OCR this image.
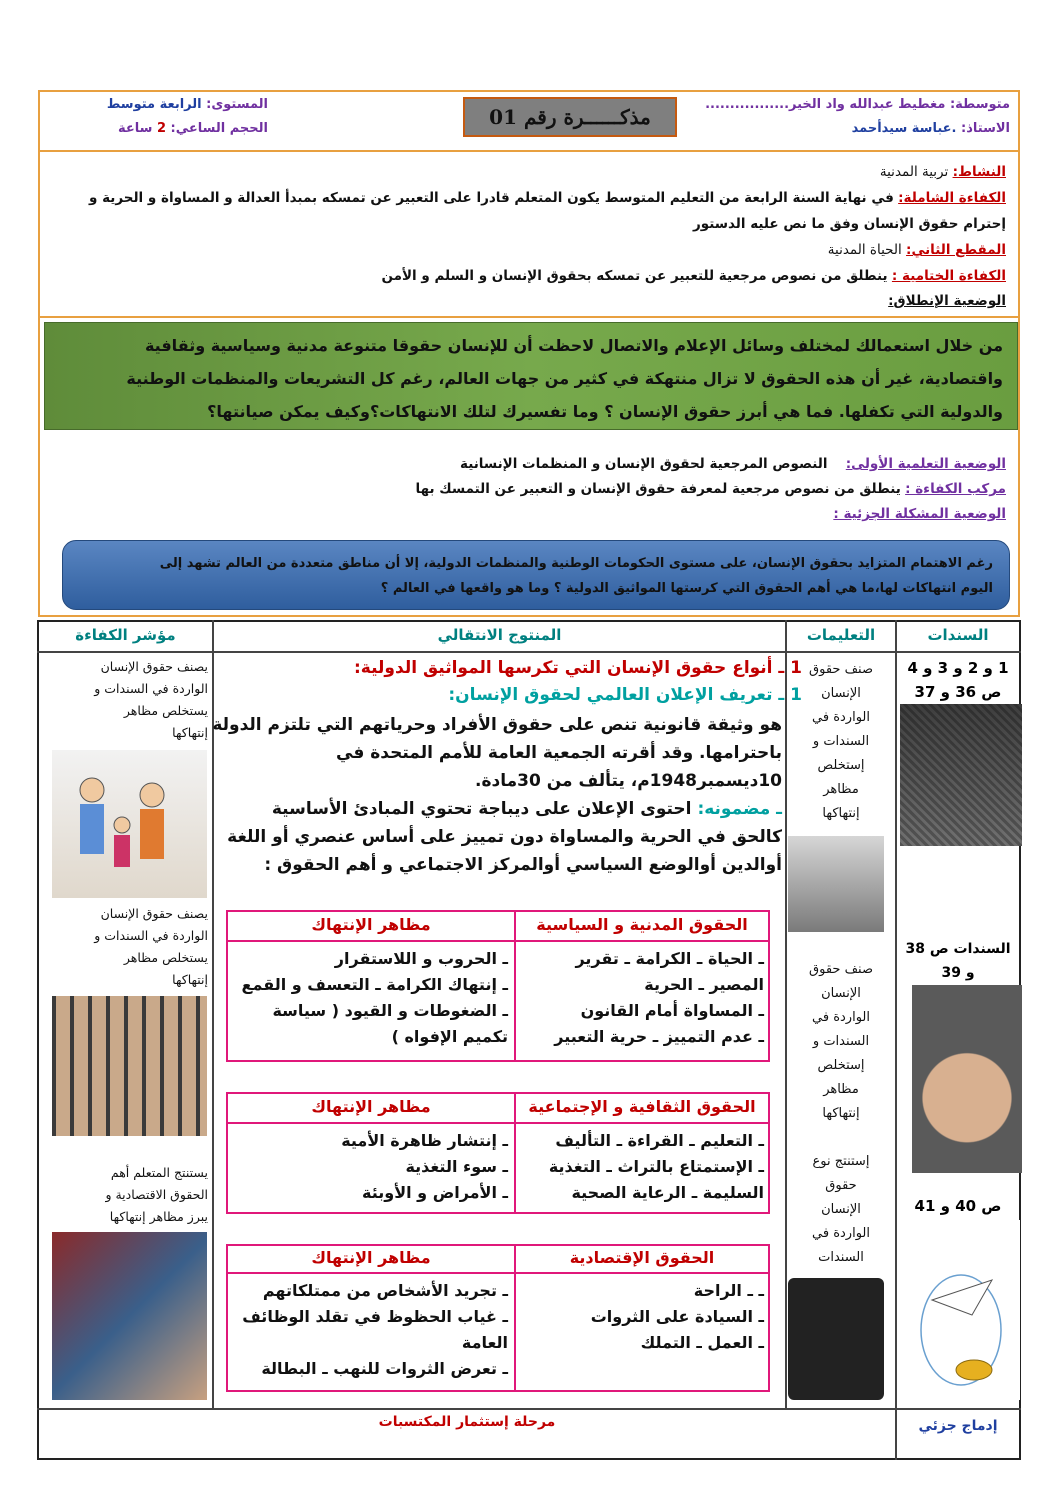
متوسطة: مغطيط عبدالله واد الخير.................
الاستاذ: .عباسة سيدأحمد
مذكــــــرة رقم 01
المستوى: الرابعة متوسط
الحجم الساعي: 2 ساعة
النشاط: تربية المدنية
الكفاءة الشاملة: في نهاية السنة الرابعة من التعليم المتوسط يكون المتعلم قادرا على التعبير عن تمسكه بمبدأ العدالة و المساواة و الحرية و
إحترام حقوق الإنسان وفق ما نص عليه الدستور
المقطع الثاني: الحياة المدنية
الكفاءة الختامية : ينطلق من نصوص مرجعية للتعبير عن تمسكه بحقوق الإنسان و السلم و الأمن
الوضعية الإنطلاق:

من خلال استعمالك لمختلف وسائل الإعلام والاتصال لاحظت أن للإنسان حقوقا متنوعة مدنية وسياسية وثقافية

واقتصادية، غير أن هذه الحقوق لا تزال منتهكة في كثير من جهات العالم، رغم كل التشريعات والمنظمات الوطنية

والدولية التي تكفلها. فما هي أبرز حقوق الإنسان ؟ وما تفسيرك لتلك الانتهاكات؟وكيف يمكن صيانتها؟

الوضعية التعلمية الأولى: النصوص المرجعية لحقوق الإنسان و المنظمات الإنسانية
مركب الكفاءة : ينطلق من نصوص مرجعية لمعرفة حقوق الإنسان و التعبير عن التمسك بها
الوضعية المشكلة الجزئية :

رغم الاهتمام المتزايد بحقوق الإنسان، على مستوى الحكومات الوطنية والمنظمات الدولية، إلا أن مناطق متعددة من العالم تشهد إلى

اليوم انتهاكات لها،ما هي أهم الحقوق التي كرستها المواثيق الدولية ؟ وما هو واقعها في العالم ؟

السندات
التعليمات
المنتوج الانتقالي
مؤشر الكفاءة
1 و 2 و 3 و 4
ص 36 و 37
السندات ص 38
و 39
ص 40 و 41
صنف حقوق
الإنسان
الواردة في
السندات و
إستخلص
مظاهر
إنتهاكها
صنف حقوق
الإنسان
الواردة في
السندات و
إستخلص
مظاهر
إنتهاكها
إستنتج نوع
حقوق
الإنسان
الواردة في
السندات
يصنف حقوق الإنسان
الواردة في السندات و
يستخلص مظاهر
إنتهاكها
يصنف حقوق الإنسان
الواردة في السندات و
يستخلص مظاهر
إنتهاكها
يستنتج المتعلم أهم
الحقوق الاقتصادية و
يبرز مظاهر إنتهاكها
1 ـ أنواع حقوق الإنسان التي تكرسها المواثيق الدولية:
1 ـ تعريف الإعلان العالمي لحقوق الإنسان:
هو وثيقة قانونية تنص على حقوق الأفراد وحرياتهم التي تلتزم الدولة
باحترامها. وقد أقرته الجمعية العامة للأمم المتحدة في
10ديسمبر1948م، يتألف من 30مادة.
ـ مضمونه: احتوى الإعلان على ديباجة تحتوي المبادئ الأساسية
كالحق في الحرية والمساواة دون تمييز على أساس عنصري أو اللغة
أوالدين أوالوضع السياسي أوالمركز الاجتماعي و أهم الحقوق :
الحقوق المدنية و السياسية
مظاهر الإنتهاك
ـ الحياة ـ الكرامة ـ تقرير
المصير ـ الحرية
ـ المساواة أمام القانون
ـ عدم التمييز ـ حرية التعبير
ـ الحروب و اللاستقرار
ـ إنتهاك الكرامة ـ التعسف و القمع
ـ الضغوطات و القيود ( سياسة
تكميم الإفواه )
الحقوق الثقافية و الإجتماعية
مظاهر الإنتهاك
ـ التعليم ـ القراءة ـ التأليف
ـ الإستمتاع بالتراث ـ التغذية
السليمة ـ الرعاية الصحية
ـ إنتشار ظاهرة الأمية
ـ سوء التغذية
ـ الأمراض و الأوبئة
الحقوق الإقتصادية
مظاهر الإنتهاك
ـ ـ الراحة
ـ السيادة على الثروات
ـ العمل ـ التملك
ـ تجريد الأشخاص من ممتلكاتهم
ـ غياب الحظوظ في تقلد الوظائف
العامة
ـ تعرض الثروات للنهب ـ البطالة
إدماج جزئي
مرحلة إستثمار المكتسبات
